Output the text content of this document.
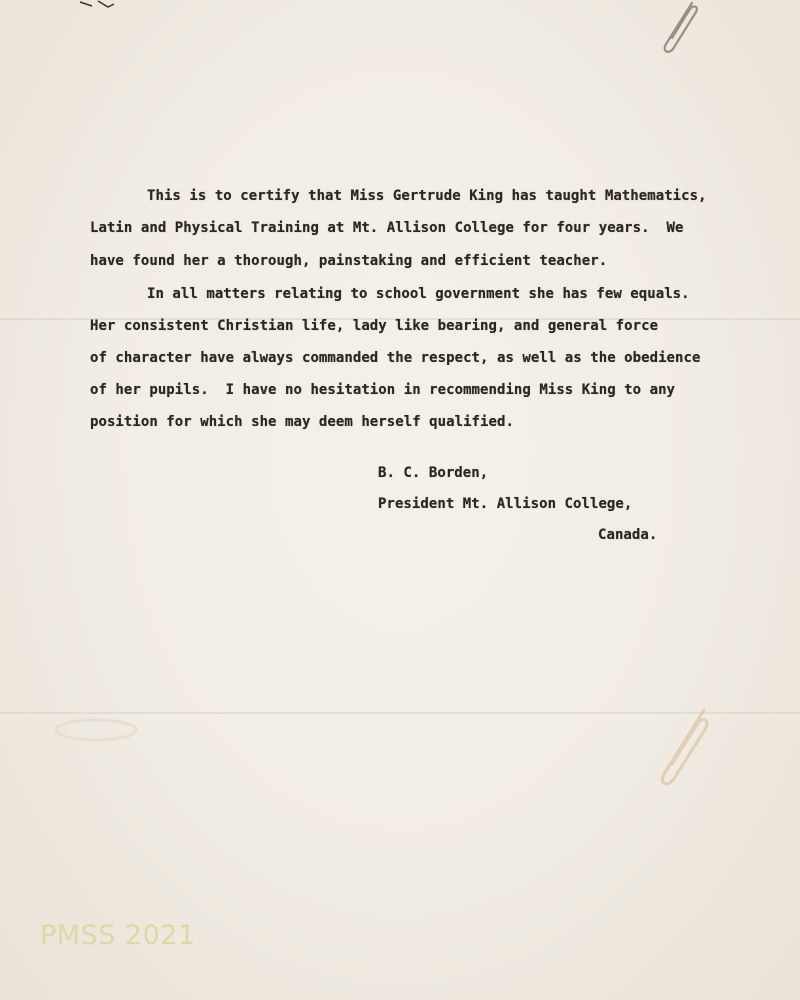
This is to certify that Miss Gertrude King has taught Mathematics,

Latin and Physical Training at Mt. Allison College for four years.  We

have found her a thorough, painstaking and efficient teacher.

In all matters relating to school government she has few equals.

Her consistent Christian life, lady like bearing, and general force

of character have always commanded the respect, as well as the obedience

of her pupils.  I have no hesitation in recommending Miss King to any

position for which she may deem herself qualified.

B. C. Borden,

President Mt. Allison College,

Canada.

PMSS 2021
